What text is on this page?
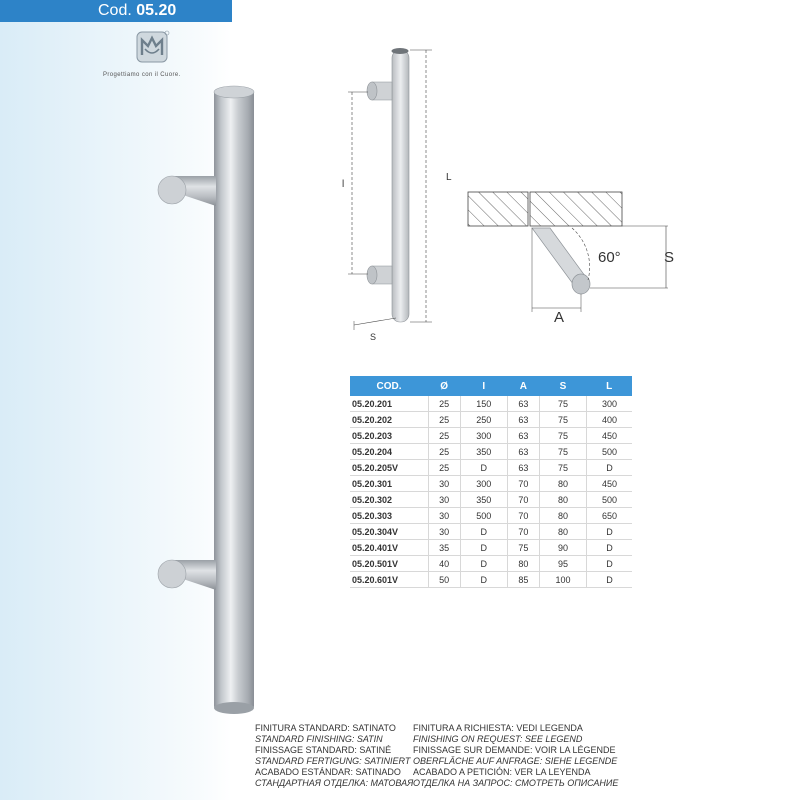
Cod. 05.20
Progettiamo con il Cuore.
l
L
S
60°	S
A
COD.	Ø	I	A	S	L
05.20.201	25	150	63	75	300
05.20.202	25	250	63	75	400
05.20.203	25	300	63	75	450
05.20.204	25	350	63	75	500
05.20.205V	25	D	63	75	D
05.20.301	30	300	70	80	450
05.20.302	30	350	70	80	500
05.20.303	30	500	70	80	650
05.20.304V	30	D	70	80	D
05.20.401V	35	D	75	90	D
05.20.501V	40	D	80	95	D
05.20.601V	50	D	85	100	D
FINITURA STANDARD: SATINATO
STANDARD FINISHING: SATIN
FINISSAGE STANDARD: SATINÉ
STANDARD FERTIGUNG: SATINIERT
ACABADO ESTÁNDAR: SATINADO
СТАНДАРТНАЯ ОТДЕЛКА: МАТОВАЯ
FINITURA A RICHIESTA: VEDI LEGENDA
FINISHING ON REQUEST: SEE LEGEND
FINISSAGE SUR DEMANDE: VOIR LA LÉGENDE
OBERFLÄCHE AUF ANFRAGE: SIEHE LEGENDE
ACABADO A PETICIÓN: VER LA LEYENDA
ОТДЕЛКА НА ЗАПРОС: СМОТРЕТЬ ОПИСАНИЕ
